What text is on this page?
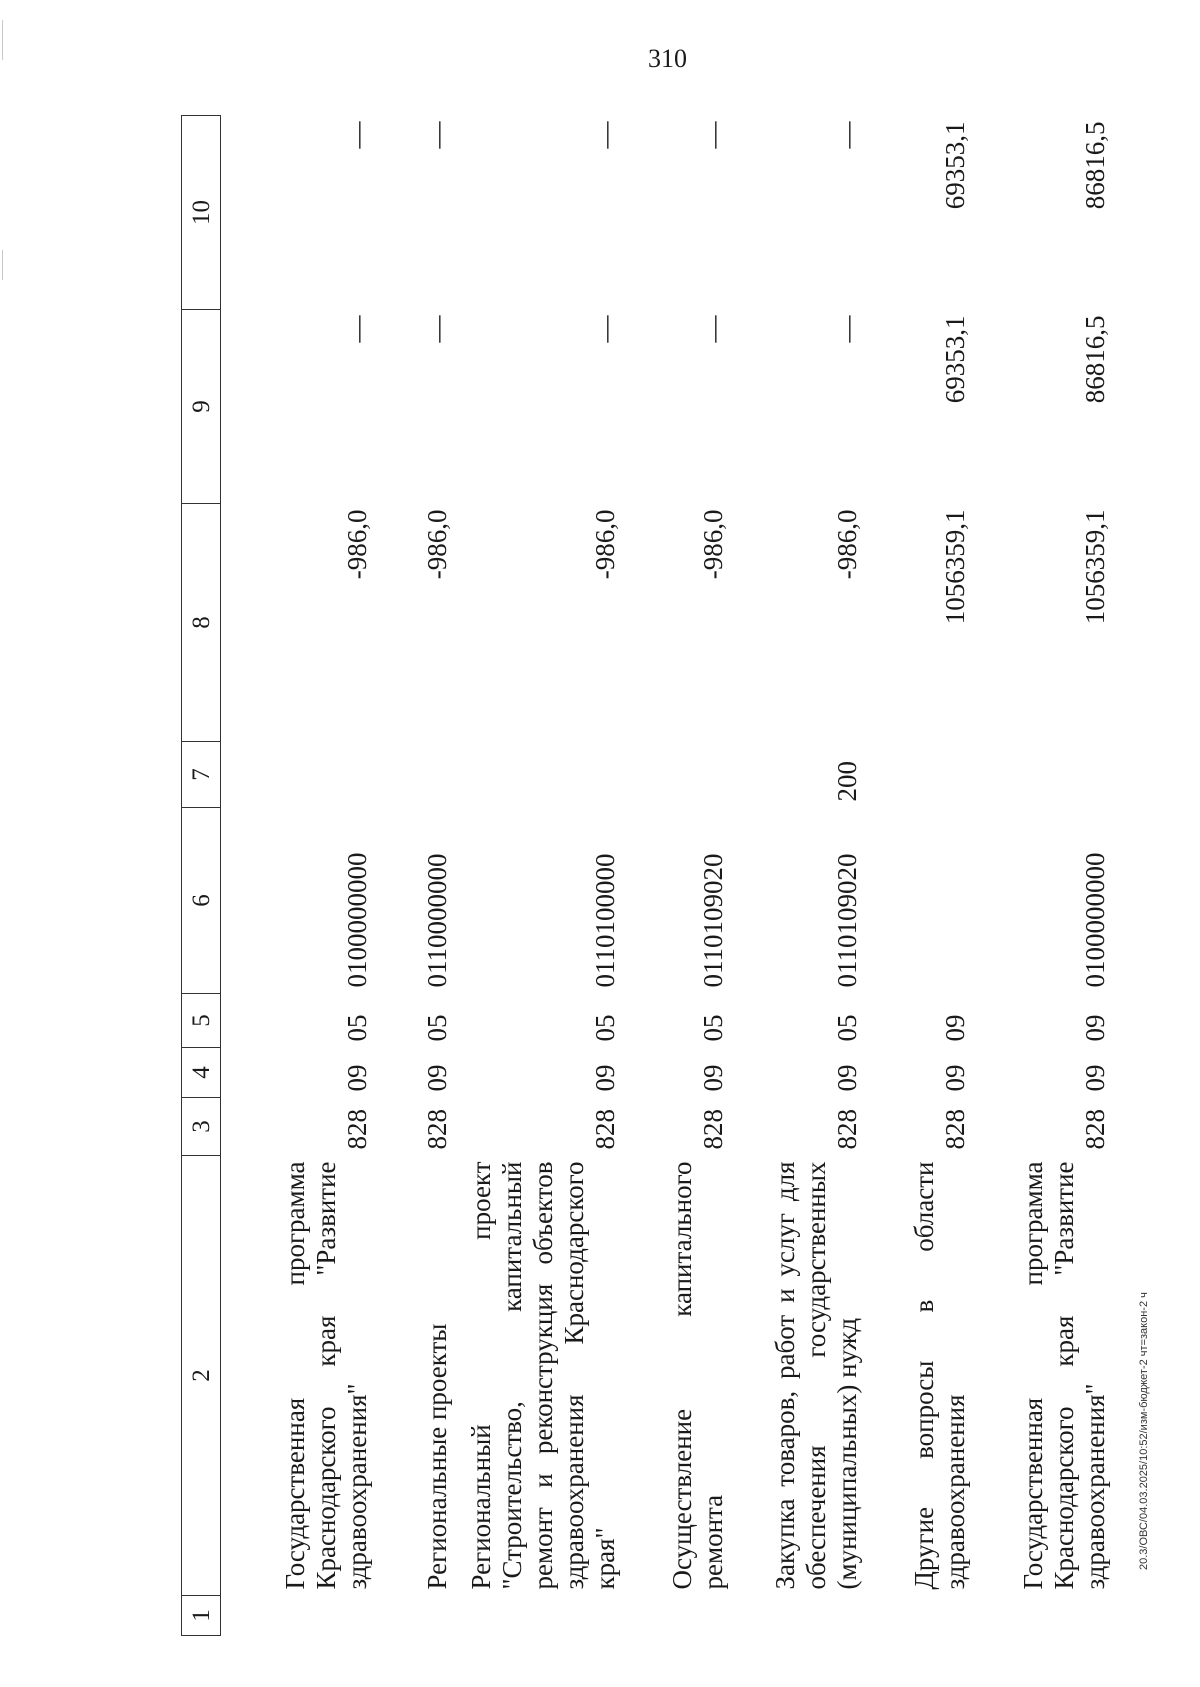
310
1	2	3	4	5	6	7	8	9	10
	Государственная программа Краснодарского края "Развитие здравоохранения"	828	09	05	0100000000		-986,0	—	—
	Региональные проекты	828	09	05	0110000000		-986,0	—	—
	Региональный проект "Строительство, капитальный ремонт и реконструкция объектов здравоохранения Краснодарского края"	828	09	05	0110100000		-986,0	—	—
	Осуществление капитального ремонта	828	09	05	0110109020		-986,0	—	—
	Закупка товаров, работ и услуг для обеспечения государственных (муниципальных) нужд	828	09	05	0110109020	200	-986,0	—	—
	Другие вопросы в области здравоохранения	828	09	09			1056359,1	69353,1	69353,1
	Государственная программа Краснодарского края "Развитие здравоохранения"	828	09	09	0100000000		1056359,1	86816,5	86816,5
20.3/ОВС/04.03.2025/10:52/изм-бюджет-2 чт=закон-2 ч
